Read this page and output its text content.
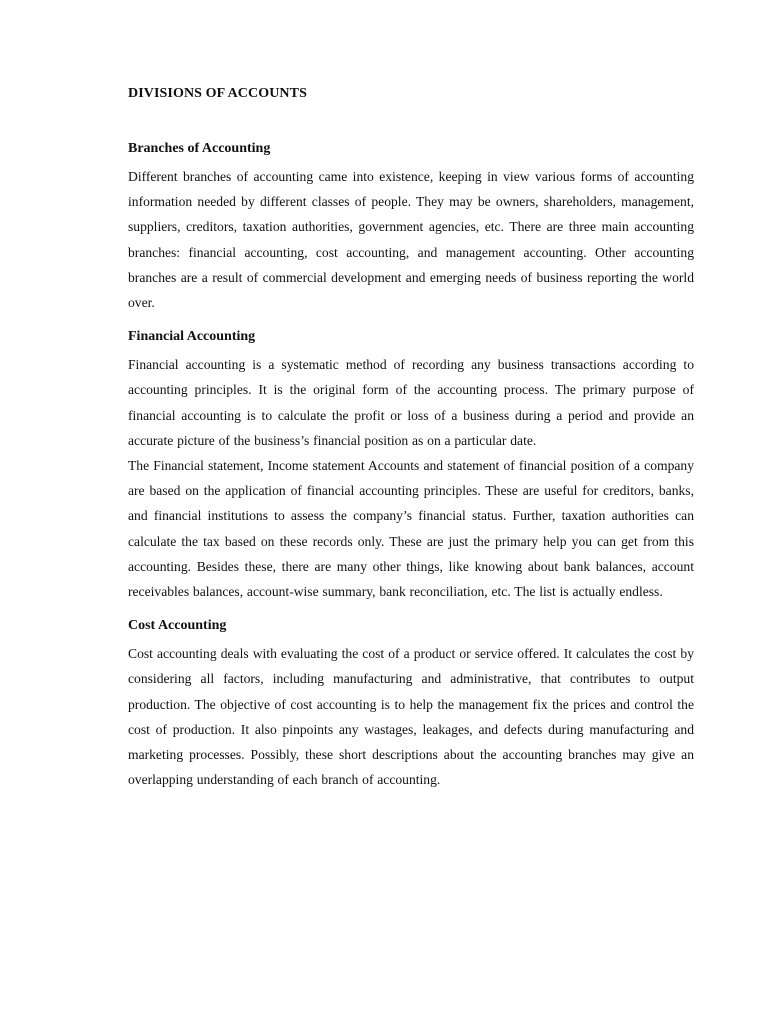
DIVISIONS OF ACCOUNTS
Branches of Accounting

Different branches of accounting came into existence, keeping in view various forms of accounting information needed by different classes of people. They may be owners, shareholders, management, suppliers, creditors, taxation authorities, government agencies, etc. There are three main accounting branches: financial accounting, cost accounting, and management accounting. Other accounting branches are a result of commercial development and emerging needs of business reporting the world over.

Financial Accounting

Financial accounting is a systematic method of recording any business transactions according to accounting principles. It is the original form of the accounting process. The primary purpose of financial accounting is to calculate the profit or loss of a business during a period and provide an accurate picture of the business’s financial position as on a particular date.

The Financial statement, Income statement Accounts and statement of financial position of a company are based on the application of financial accounting principles. These are useful for creditors, banks, and financial institutions to assess the company’s financial status. Further, taxation authorities can calculate the tax based on these records only. These are just the primary help you can get from this accounting. Besides these, there are many other things, like knowing about bank balances, account receivables balances, account-wise summary, bank reconciliation, etc. The list is actually endless.

Cost Accounting

Cost accounting deals with evaluating the cost of a product or service offered. It calculates the cost by considering all factors, including manufacturing and administrative, that contributes to output production. The objective of cost accounting is to help the management fix the prices and control the cost of production. It also pinpoints any wastages, leakages, and defects during manufacturing and marketing processes. Possibly, these short descriptions about the accounting branches may give an overlapping understanding of each branch of accounting.
